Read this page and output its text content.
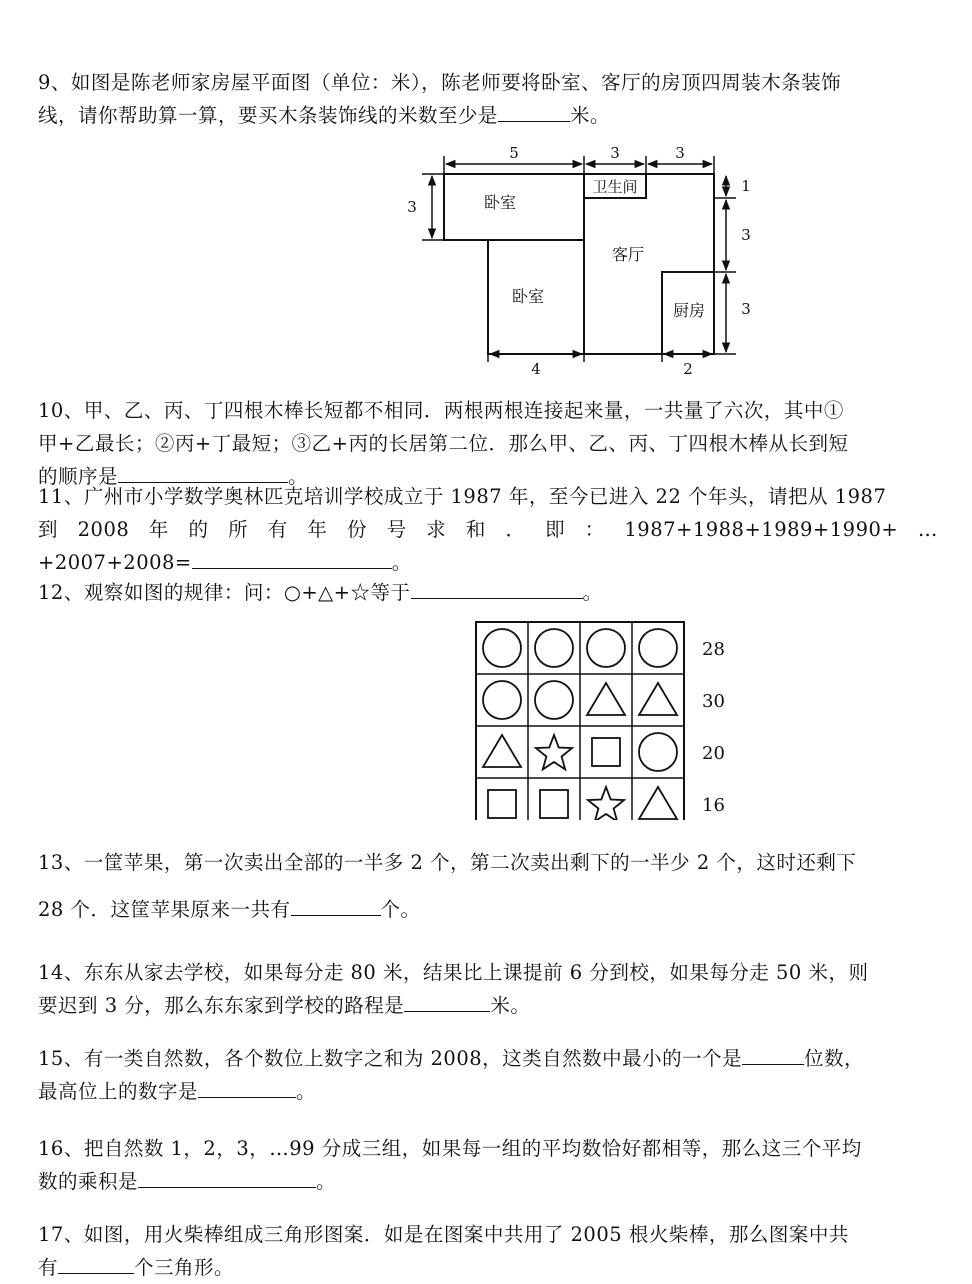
9、如图是陈老师家房屋平面图（单位：米），陈老师要将卧室、客厅的房顶四周装木条装饰
线，请你帮助算一算，要买木条装饰线的米数至少是	米。
卧室
卫生间
客厅
卧室
厨房
5	3	3
3
1
3
3
4	2
10、甲、乙、丙、丁四根木棒长短都不相同．两根两根连接起来量，一共量了六次，其中①
甲+乙最长；②丙+丁最短；③乙+丙的长居第二位．那么甲、乙、丙、丁四根木棒从长到短
的顺序是	。
11、广州市小学数学奥林匹克培训学校成立于 1987 年，至今已进入 22 个年头，请把从 1987
到 2008 年 的 所 有 年 份 号 求 和 ． 即 ： 1987+1988+1989+1990+ …
+2007+2008=	。
12、观察如图的规律：问：○+△+☆等于	。
28
30
20
16
13、一筐苹果，第一次卖出全部的一半多 2 个，第二次卖出剩下的一半少 2 个，这时还剩下
28 个．这筐苹果原来一共有	个。
14、东东从家去学校，如果每分走 80 米，结果比上课提前 6 分到校，如果每分走 50 米，则
要迟到 3 分，那么东东家到学校的路程是	米。
15、有一类自然数，各个数位上数字之和为 2008，这类自然数中最小的一个是	位数，
最高位上的数字是	。
16、把自然数 1，2，3，…99 分成三组，如果每一组的平均数恰好都相等，那么这三个平均
数的乘积是	。
17、如图，用火柴棒组成三角形图案．如是在图案中共用了 2005 根火柴棒，那么图案中共
有	个三角形。
